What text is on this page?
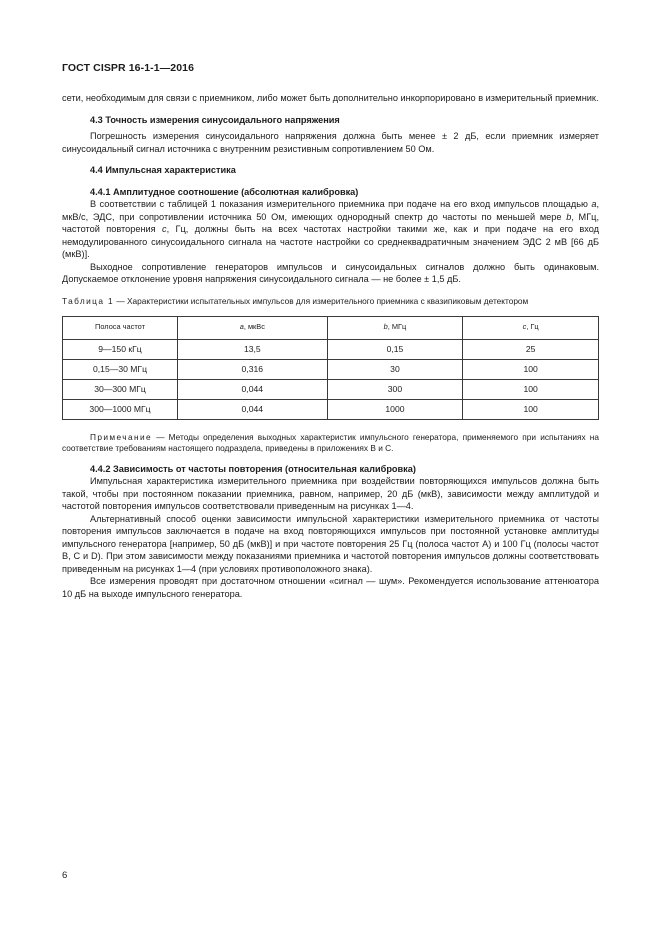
ГОСТ CISPR 16-1-1—2016

сети, необходимым для связи с приемником, либо может быть дополнительно инкорпорировано в измерительный приемник.

4.3 Точность измерения синусоидального напряжения

Погрешность измерения синусоидального напряжения должна быть менее ± 2 дБ, если приемник измеряет синусоидальный сигнал источника с внутренним резистивным сопротивлением 50 Ом.

4.4 Импульсная характеристика

4.4.1 Амплитудное соотношение (абсолютная калибровка)

В соответствии с таблицей 1 показания измерительного приемника при подаче на его вход импульсов площадью a, мкВ/с, ЭДС, при сопротивлении источника 50 Ом, имеющих однородный спектр до частоты по меньшей мере b, МГц, частотой повторения c, Гц, должны быть на всех частотах настройки такими же, как и при подаче на его вход немодулированного синусоидального сигнала на частоте настройки со среднеквадратичным значением ЭДС 2 мВ [66 дБ (мкВ)].

Выходное сопротивление генераторов импульсов и синусоидальных сигналов должно быть одинаковым. Допускаемое отклонение уровня напряжения синусоидального сигнала — не более ± 1,5 дБ.

Таблица 1 — Характеристики испытательных импульсов для измерительного приемника с квазипиковым детектором

Полоса частот	a, мкВс	b, МГц	c, Гц
9—150 кГц	13,5	0,15	25
0,15—30 МГц	0,316	30	100
30—300 МГц	0,044	300	100
300—1000 МГц	0,044	1000	100

Примечание — Методы определения выходных характеристик импульсного генератора, применяемого при испытаниях на соответствие требованиям настоящего подраздела, приведены в приложениях В и С.

4.4.2 Зависимость от частоты повторения (относительная калибровка)

Импульсная характеристика измерительного приемника при воздействии повторяющихся импульсов должна быть такой, чтобы при постоянном показании приемника, равном, например, 20 дБ (мкВ), зависимости между амплитудой и частотой повторения импульсов соответствовали приведенным на рисунках 1—4.

Альтернативный способ оценки зависимости импульсной характеристики измерительного приемника от частоты повторения импульсов заключается в подаче на вход повторяющихся импульсов при постоянной установке амплитуды импульсного генератора [например, 50 дБ (мкВ)] и при частоте повторения 25 Гц (полоса частот А) и 100 Гц (полосы частот В, С и D). При этом зависимости между показаниями приемника и частотой повторения импульсов должны соответствовать приведенным на рисунках 1—4 (при условиях противоположного знака).

Все измерения проводят при достаточном отношении «сигнал — шум». Рекомендуется использование аттенюатора 10 дБ на выходе импульсного генератора.

6
